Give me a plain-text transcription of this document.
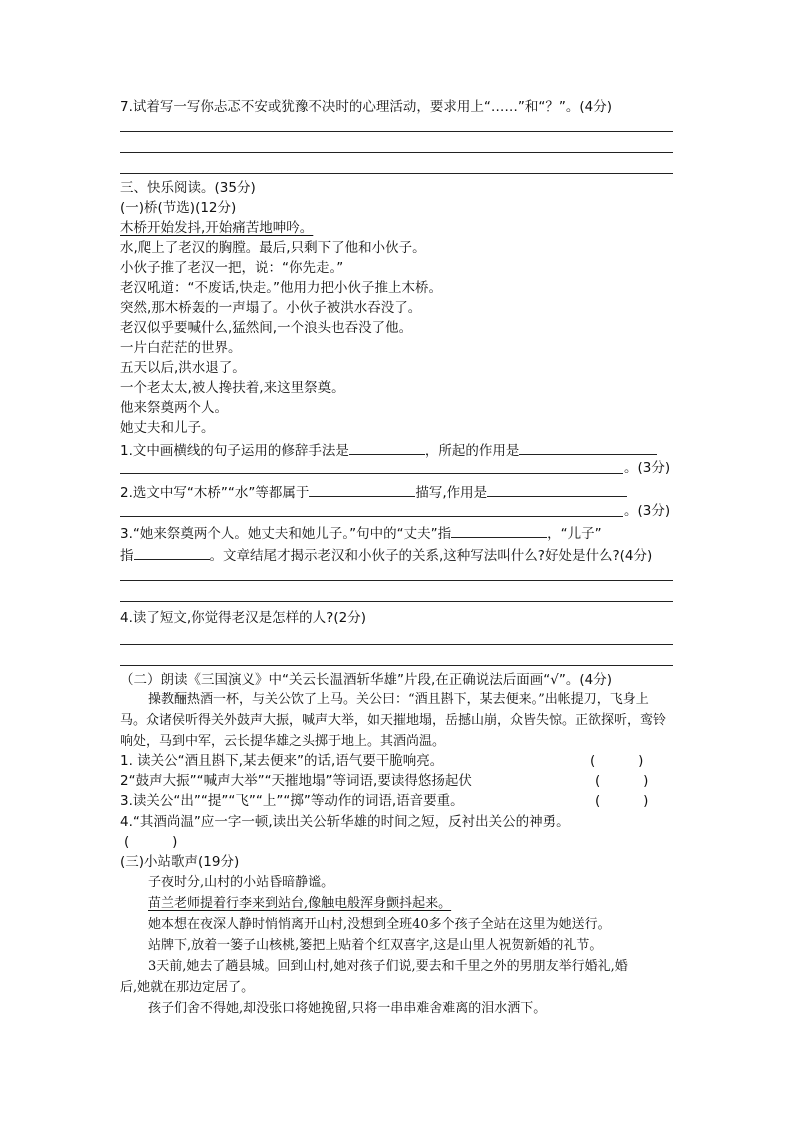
7.试着写一写你忐忑不安或犹豫不决时的心理活动，要求用上“……”和“？”。(4分)
三、快乐阅读。(35分)
(一)桥(节选)(12分)
木桥开始发抖,开始痛苦地呻吟。
水,爬上了老汉的胸膛。最后,只剩下了他和小伙子。
小伙子推了老汉一把，说：“你先走。”
老汉吼道：“不废话,快走。”他用力把小伙子推上木桥。
突然,那木桥轰的一声塌了。小伙子被洪水吞没了。
老汉似乎要喊什么,猛然间,一个浪头也吞没了他。
一片白茫茫的世界。
五天以后,洪水退了。
一个老太太,被人搀扶着,来这里祭奠。
他来祭奠两个人。
她丈夫和儿子。
1.文中画横线的句子运用的修辞手法是	，所起的作用是
。(3分)
2.选文中写“木桥”“水”等都属于	描写,作用是
。(3分)
3.“她来祭奠两个人。她丈夫和她儿子。”句中的“丈夫”指	，“儿子”
指	。文章结尾才揭示老汉和小伙子的关系,这种写法叫什么?好处是什么?(4分)
4.读了短文,你觉得老汉是怎样的人?(2分)
（二）朗读《三国演义》中“关云长温酒斩华雄”片段,在正确说法后面画“√”。(4分)
操教酾热酒一杯，与关公饮了上马。关公曰：“酒且斟下，某去便来。”出帐提刀，飞身上
马。众诸侯听得关外鼓声大振，喊声大举，如天摧地塌，岳撼山崩，众皆失惊。正欲探听，鸾铃
响处，马到中军，云长提华雄之头掷于地上。其酒尚温。
1. 读关公“酒且斟下,某去便来”的话,语气要干脆响亮。	(          )
2“鼓声大振”“喊声大举”“天摧地塌”等词语,要读得悠扬起伏	(          )
3.读关公“出”“提”“飞”“上”“掷”等动作的词语,语音要重。	(          )
4.“其酒尚温”应一字一顿,读出关公斩华雄的时间之短，反衬出关公的神勇。
(          )
(三)小站歌声(19分)
子夜时分,山村的小站昏暗静谧。
苗兰老师提着行李来到站台,像触电般浑身颤抖起来。
她本想在夜深人静时悄悄离开山村,没想到全班40多个孩子全站在这里为她送行。
站牌下,放着一篓子山核桃,篓把上贴着个红双喜字,这是山里人祝贺新婚的礼节。
3天前,她去了趟县城。回到山村,她对孩子们说,要去和千里之外的男朋友举行婚礼,婚
后,她就在那边定居了。
孩子们舍不得她,却没张口将她挽留,只将一串串难舍难离的泪水洒下。
